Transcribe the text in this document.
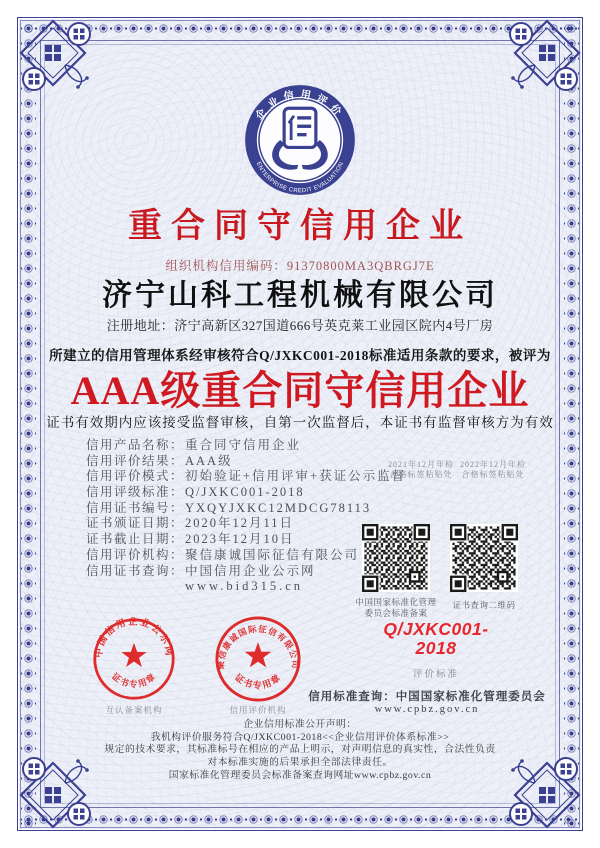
企业信用评价
ENTERPRISE CREDIT EVALUATION
重合同守信用企业
组织机构信用编码：91370800MA3QBRGJ7E
济宁山科工程机械有限公司
注册地址：济宁高新区327国道666号英克莱工业园区院内4号厂房
所建立的信用管理体系经审核符合Q/JXKC001-2018标准适用条款的要求，被评为
AAA级重合同守信用企业
证书有效期内应该接受监督审核，自第一次监督后，本证书有监督审核方为有效
信用产品名称：重合同守信用企业
信用评价结果：AAA级
信用评价模式：初始验证+信用评审+获证公示监督
信用评级标准：Q/JXKC001-2018
信用证书编号：YXQYJXKC12MDCG78113
证书颁证日期：2020年12月11日
证书截止日期：2023年12月10日
信用评价机构：聚信康诚国际征信有限公司
信用证书查询：中国信用企业公示网
www.bid315.cn
2021年12月年检
合格标签粘贴处
2022年12月年检
合格标签粘贴处
中国国家标准化管理
委员会标准备案
证书查询二维码
Q/JXKC001-
2018
评价标准
信用标准查询：中国国家标准化管理委员会
www.cpbz.gov.cn
中国信用企业公示网
证书专用章
聚信康诚国际征信有限公司
证书专用章
互认备案机构	信用评价机构
企业信用标准公开声明：
我机构评价服务符合Q/JXKC001-2018<<企业信用评价体系标准>>
规定的技术要求，其标准标号在相应的产品上明示，对声明信息的真实性，合法性负责
对本标准实施的后果承担全部法律责任。
国家标准化管理委员会标准备案查询网址www.cpbz.gov.cn
